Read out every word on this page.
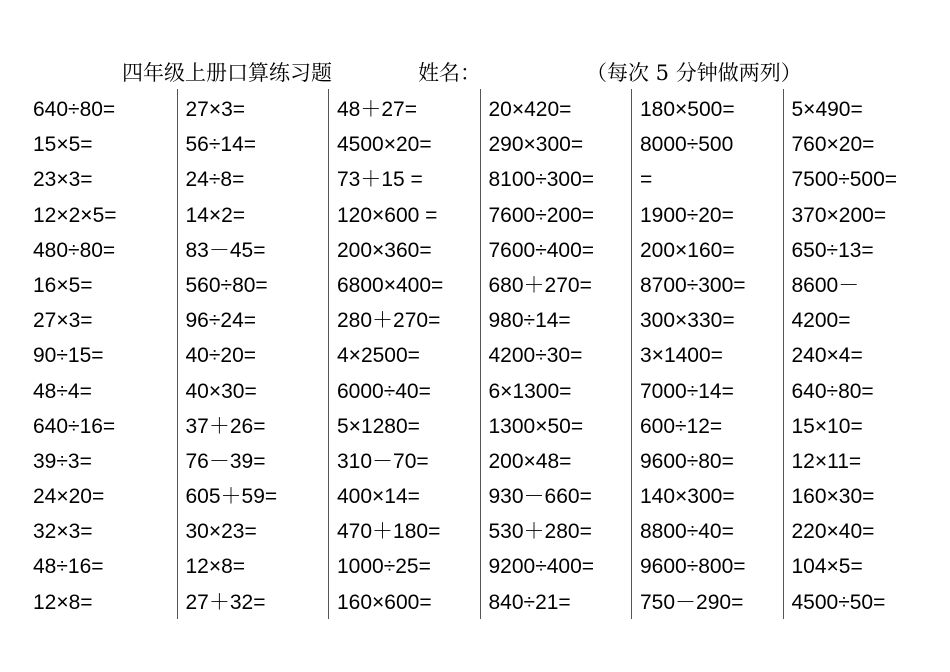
四年级上册口算练习题	姓名：	（每次 5 分钟做两列）
640÷80=
15×5=
23×3=
12×2×5=
480÷80=
16×5=
27×3=
90÷15=
48÷4=
640÷16=
39÷3=
24×20=
32×3=
48÷16=
12×8=
27×3=
56÷14=
24÷8=
14×2=
83－45=
560÷80=
96÷24=
40÷20=
40×30=
37＋26=
76－39=
605＋59=
30×23=
12×8=
27＋32=
48＋27=
4500×20=
73＋15 =
120×600 =
200×360=
6800×400=
280＋270=
4×2500=
6000÷40=
5×1280=
310－70=
400×14=
470＋180=
1000÷25=
160×600=
20×420=
290×300=
8100÷300=
7600÷200=
7600÷400=
680＋270=
980÷14=
4200÷30=
6×1300=
1300×50=
200×48=
930－660=
530＋280=
9200÷400=
840÷21=
180×500=
8000÷500
=
1900÷20=
200×160=
8700÷300=
300×330=
3×1400=
7000÷14=
600÷12=
9600÷80=
140×300=
8800÷40=
9600÷800=
750－290=
5×490=
760×20=
7500÷500=
370×200=
650÷13=
8600－
4200=
240×4=
640÷80=
15×10=
12×11=
160×30=
220×40=
104×5=
4500÷50=
